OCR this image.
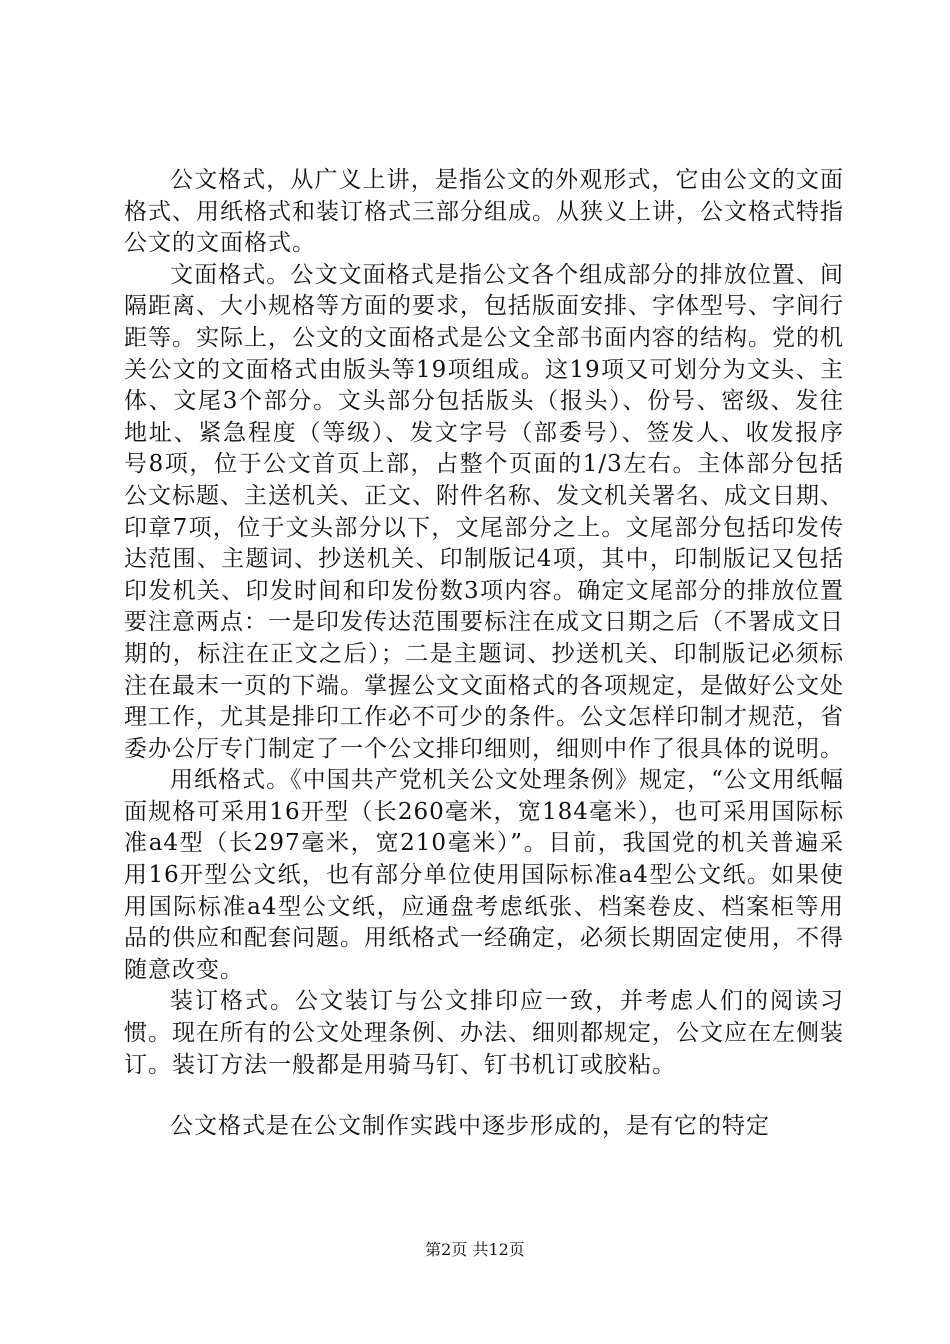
公文格式，从广义上讲，是指公文的外观形式，它由公文的文面格式、用纸格式和装订格式三部分组成。从狭义上讲，公文格式特指公文的文面格式。

文面格式。公文文面格式是指公文各个组成部分的排放位置、间隔距离、大小规格等方面的要求，包括版面安排、字体型号、字间行距等。实际上，公文的文面格式是公文全部书面内容的结构。党的机关公文的文面格式由版头等19项组成。这19项又可划分为文头、主体、文尾3个部分。文头部分包括版头（报头）、份号、密级、发往地址、紧急程度（等级）、发文字号（部委号）、签发人、收发报序号8项，位于公文首页上部，占整个页面的1/3左右。主体部分包括公文标题、主送机关、正文、附件名称、发文机关署名、成文日期、印章7项，位于文头部分以下，文尾部分之上。文尾部分包括印发传达范围、主题词、抄送机关、印制版记4项，其中，印制版记又包括印发机关、印发时间和印发份数3项内容。确定文尾部分的排放位置要注意两点：一是印发传达范围要标注在成文日期之后（不署成文日期的，标注在正文之后）；二是主题词、抄送机关、印制版记必须标注在最末一页的下端。掌握公文文面格式的各项规定，是做好公文处理工作，尤其是排印工作必不可少的条件。公文怎样印制才规范，省委办公厅专门制定了一个公文排印细则，细则中作了很具体的说明。

用纸格式。《中国共产党机关公文处理条例》规定，“公文用纸幅面规格可采用16开型（长260毫米，宽184毫米），也可采用国际标准a4型（长297毫米，宽210毫米）”。目前，我国党的机关普遍采用16开型公文纸，也有部分单位使用国际标准a4型公文纸。如果使用国际标准a4型公文纸，应通盘考虑纸张、档案卷皮、档案柜等用品的供应和配套问题。用纸格式一经确定，必须长期固定使用，不得随意改变。

装订格式。公文装订与公文排印应一致，并考虑人们的阅读习惯。现在所有的公文处理条例、办法、细则都规定，公文应在左侧装订。装订方法一般都是用骑马钉、钉书机订或胶粘。

公文格式是在公文制作实践中逐步形成的，是有它的特定

第2页 共12页
